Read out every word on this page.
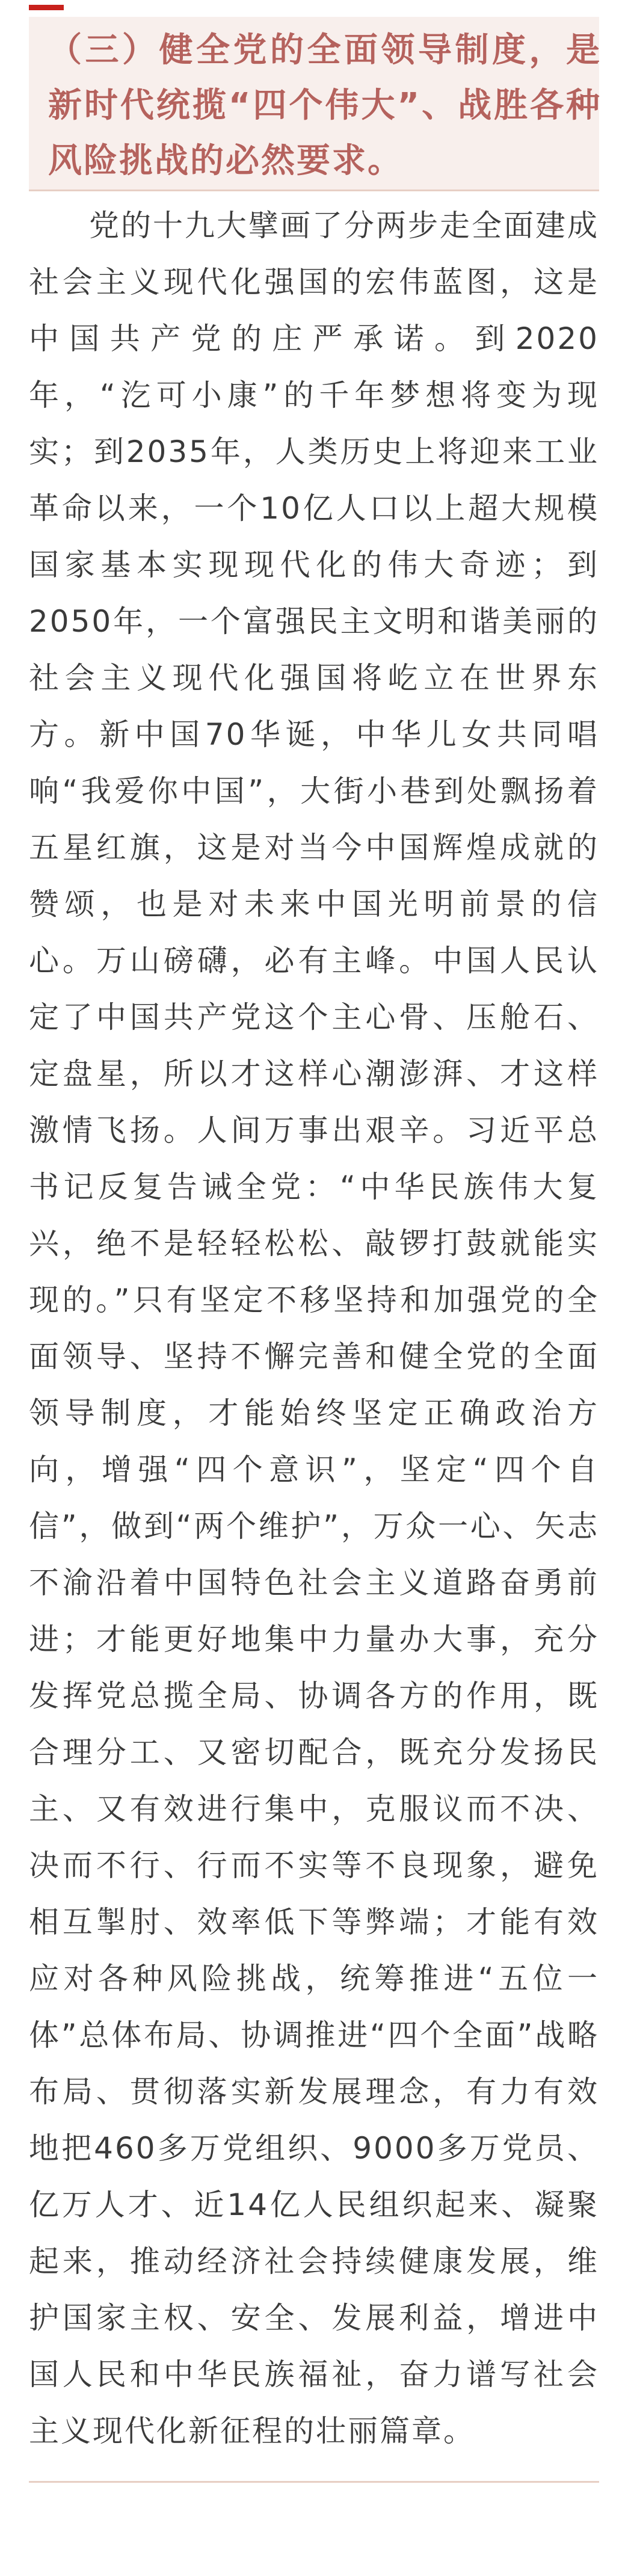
（三）健全党的全面领导制度，是新时代统揽“四个伟大”、战胜各种风险挑战的必然要求。

党的十九大擘画了分两步走全面建成社会主义现代化强国的宏伟蓝图，这是中国共产党的庄严承诺。到2020年，“汔可小康”的千年梦想将变为现实；到2035年，人类历史上将迎来工业革命以来，一个10亿人口以上超大规模国家基本实现现代化的伟大奇迹；到2050年，一个富强民主文明和谐美丽的社会主义现代化强国将屹立在世界东方。新中国70华诞，中华儿女共同唱响“我爱你中国”，大街小巷到处飘扬着五星红旗，这是对当今中国辉煌成就的赞颂，也是对未来中国光明前景的信心。万山磅礴，必有主峰。中国人民认定了中国共产党这个主心骨、压舱石、定盘星，所以才这样心潮澎湃、才这样激情飞扬。人间万事出艰辛。习近平总书记反复告诫全党：“中华民族伟大复兴，绝不是轻轻松松、敲锣打鼓就能实现的。”只有坚定不移坚持和加强党的全面领导、坚持不懈完善和健全党的全面领导制度，才能始终坚定正确政治方向，增强“四个意识”，坚定“四个自信”，做到“两个维护”，万众一心、矢志不渝沿着中国特色社会主义道路奋勇前进；才能更好地集中力量办大事，充分发挥党总揽全局、协调各方的作用，既合理分工、又密切配合，既充分发扬民主、又有效进行集中，克服议而不决、决而不行、行而不实等不良现象，避免相互掣肘、效率低下等弊端；才能有效应对各种风险挑战，统筹推进“五位一体”总体布局、协调推进“四个全面”战略布局、贯彻落实新发展理念，有力有效地把460多万党组织、9000多万党员、亿万人才、近14亿人民组织起来、凝聚起来，推动经济社会持续健康发展，维护国家主权、安全、发展利益，增进中国人民和中华民族福祉，奋力谱写社会主义现代化新征程的壮丽篇章。
